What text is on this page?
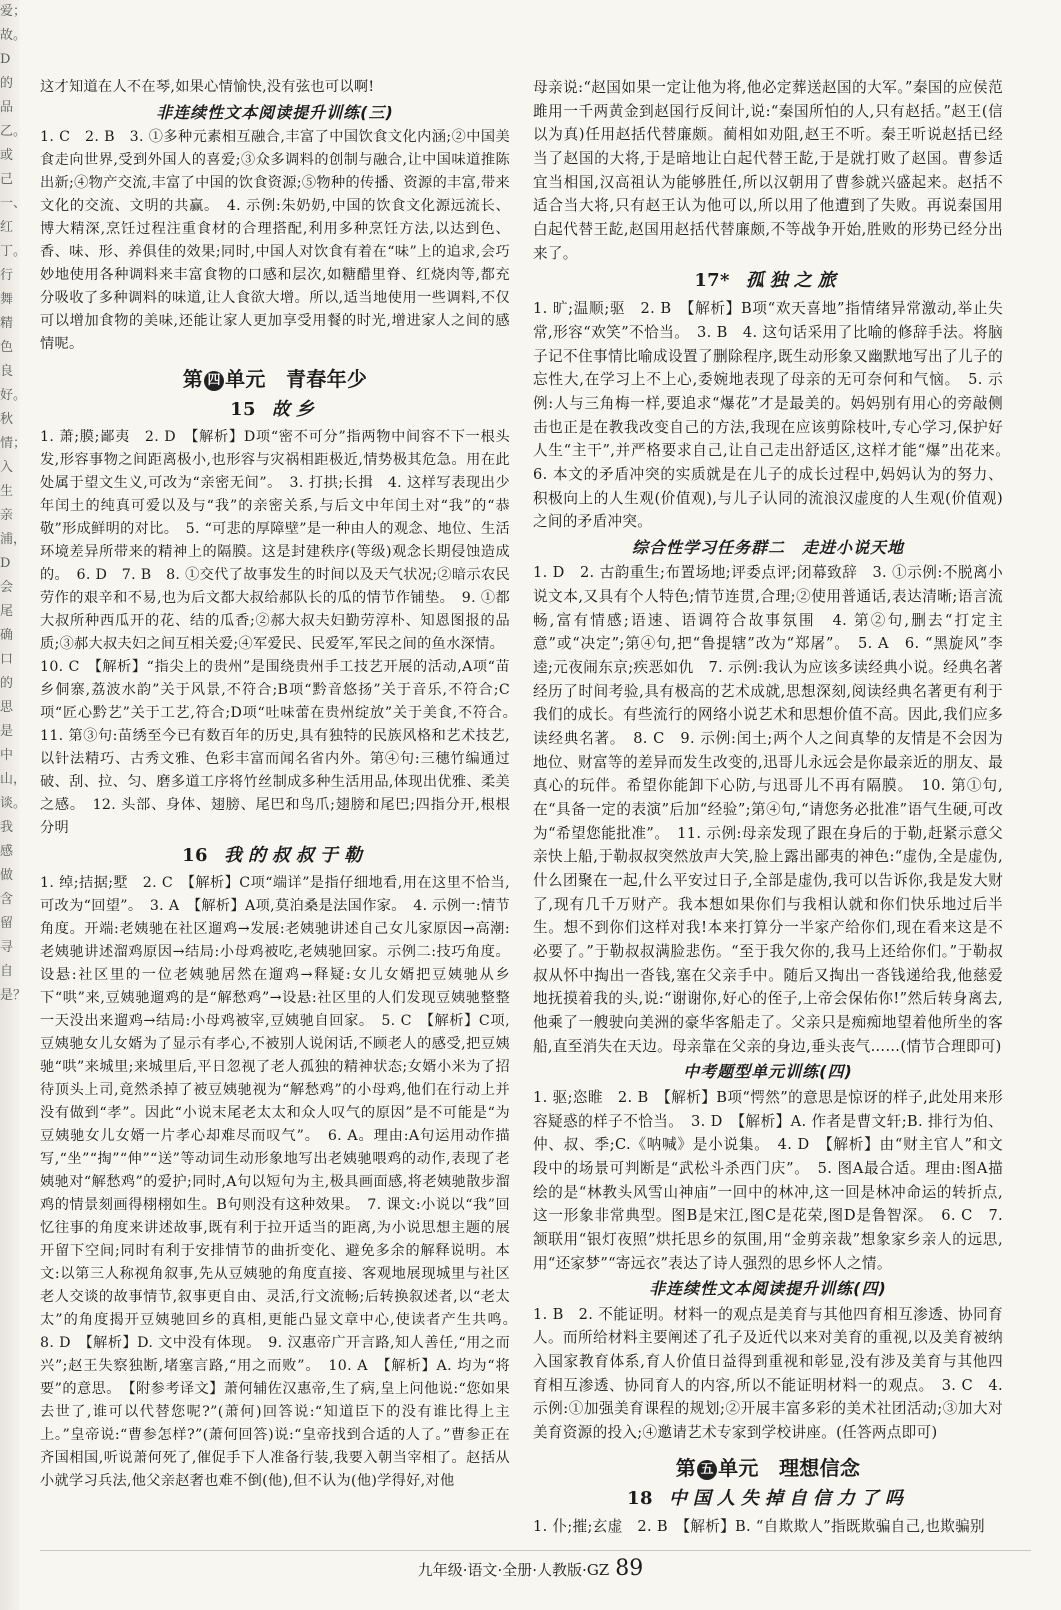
爱；故。D的品乙。或己一、红丁。行舞精色良好。秋情；入生亲浦，D会尾确口的思是中山，谈。我感做含留寻自是？

这才知道在人不在琴,如果心情愉快,没有弦也可以啊!

非连续性文本阅读提升训练(三)

1. C　2. B　3. ①多种元素相互融合,丰富了中国饮食文化内涵;②中国美食走向世界,受到外国人的喜爱;③众多调料的创制与融合,让中国味道推陈出新;④物产交流,丰富了中国的饮食资源;⑤物种的传播、资源的丰富,带来文化的交流、文明的共赢。　4. 示例:朱奶奶,中国的饮食文化源远流长、博大精深,烹饪过程注重食材的合理搭配,利用多种烹饪方法,以达到色、香、味、形、养俱佳的效果;同时,中国人对饮食有着在“味”上的追求,会巧妙地使用各种调料来丰富食物的口感和层次,如糖醋里脊、红烧肉等,都充分吸收了多种调料的味道,让人食欲大增。所以,适当地使用一些调料,不仅可以增加食物的美味,还能让家人更加享受用餐的时光,增进家人之间的感情呢。

第 四 单元　青春年少
15 故乡

1. 萧;膜;鄙夷　2. D　【解析】D项“密不可分”指两物中间容不下一根头发,形容事物之间距离极小,也形容与灾祸相距极近,情势极其危急。用在此处属于望文生义,可改为“亲密无间”。　3. 打拱;长揖　4. 这样写表现出少年闰土的纯真可爱以及与“我”的亲密关系,与后文中年闰土对“我”的“恭敬”形成鲜明的对比。　5. “可悲的厚障壁”是一种由人的观念、地位、生活环境差异所带来的精神上的隔膜。这是封建秩序(等级)观念长期侵蚀造成的。　6. D　7. B　8. ①交代了故事发生的时间以及天气状况;②暗示农民劳作的艰辛和不易,也为后文都大叔给郝队长的瓜的情节作铺垫。　9. ①都大叔所种西瓜开的花、结的瓜香;②郝大叔夫妇勤劳淳朴、知恩图报的品质;③郝大叔夫妇之间互相关爱;④军爱民、民爱军,军民之间的鱼水深情。

10. C　【解析】“指尖上的贵州”是围绕贵州手工技艺开展的活动,A项“苗乡侗寨,荔波水韵”关于风景,不符合;B项“黔音悠扬”关于音乐,不符合;C项“匠心黔艺”关于工艺,符合;D项“吐味蕾在贵州绽放”关于美食,不符合。　11. 第③句:苗绣至今已有数百年的历史,具有独特的民族风格和艺术技艺,以针法精巧、古秀文雅、色彩丰富而闻名省内外。第④句:三穗竹编通过破、刮、拉、匀、磨多道工序将竹丝制成多种生活用品,体现出优雅、柔美之感。　12. 头部、身体、翅膀、尾巴和鸟爪;翅膀和尾巴;四指分开,根根分明

16 我的叔叔于勒

1. 绰;拮据;墅　2. C　【解析】C项“端详”是指仔细地看,用在这里不恰当,可改为“回望”。　3. A　【解析】A项,莫泊桑是法国作家。　4. 示例一:情节角度。开端:老姨驰在社区遛鸡→发展:老姨驰讲述自己女儿家原因→高潮:老姨驰讲述溜鸡原因→结局:小母鸡被吃,老姨驰回家。示例二:技巧角度。设悬:社区里的一位老姨驰居然在遛鸡→释疑:女儿女婿把豆姨驰从乡下“哄”来,豆姨驰遛鸡的是“解愁鸡”→设悬:社区里的人们发现豆姨驰整整一天没出来遛鸡→结局:小母鸡被宰,豆姨驰自回家。　5. C　【解析】C项,豆姨驰女儿女婿为了显示有孝心,不被别人说闲话,不顾老人的感受,把豆姨驰“哄”来城里;来城里后,平日忽视了老人孤独的精神状态;女婿小米为了招待顶头上司,竟然杀掉了被豆姨驰视为“解愁鸡”的小母鸡,他们在行动上并没有做到“孝”。因此“小说末尾老太太和众人叹气的原因”是不可能是“为豆姨驰女儿女婿一片孝心却难尽而叹气”。　6. A。理由:A句运用动作描写,“坐”“掏”“伸”“送”等动词生动形象地写出老姨驰喂鸡的动作,表现了老姨驰对“解愁鸡”的爱护;同时,A句以短句为主,极具画面感,将老姨驰散步溜鸡的情景刻画得栩栩如生。B句则没有这种效果。　7. 课文:小说以“我”回忆往事的角度来讲述故事,既有利于拉开适当的距离,为小说思想主题的展开留下空间;同时有利于安排情节的曲折变化、避免多余的解释说明。本文:以第三人称视角叙事,先从豆姨驰的角度直接、客观地展现城里与社区老人交谈的故事情节,叙事更自由、灵活,行文流畅;后转换叙述者,以“老太太”的角度揭开豆姨驰回乡的真相,更能凸显文章中心,使读者产生共鸣。　8. D　【解析】D. 文中没有体现。　9. 汉惠帝广开言路,知人善任,“用之而兴”;赵王失察独断,堵塞言路,“用之而败”。　10. A　【解析】A. 均为“将要”的意思。　【附参考译文】萧何辅佐汉惠帝,生了病,皇上问他说:“您如果去世了,谁可以代替您呢?”(萧何)回答说:“知道臣下的没有谁比得上主上。”皇帝说:“曹参怎样?”(萧何回答)说:“皇帝找到合适的人了。”曹参正在齐国相国,听说萧何死了,催促手下人准备行装,我要入朝当宰相了。赵括从小就学习兵法,他父亲赵奢也难不倒(他),但不认为(他)学得好,对他

母亲说:“赵国如果一定让他为将,他必定葬送赵国的大军。”秦国的应侯范雎用一千两黄金到赵国行反间计,说:“秦国所怕的人,只有赵括。”赵王(信以为真)任用赵括代替廉颇。蔺相如劝阻,赵王不听。秦王听说赵括已经当了赵国的大将,于是暗地让白起代替王龁,于是就打败了赵国。曹参适宜当相国,汉高祖认为能够胜任,所以汉朝用了曹参就兴盛起来。赵括不适合当大将,只有赵王认为他可以,所以用了他遭到了失败。再说秦国用白起代替王龁,赵国用赵括代替廉颇,不等战争开始,胜败的形势已经分出来了。

17* 孤独之旅

1. 旷;温顺;驱　2. B　【解析】B项“欢天喜地”指情绪异常激动,举止失常,形容“欢笑”不恰当。　3. B　4. 这句话采用了比喻的修辞手法。将脑子记不住事情比喻成设置了删除程序,既生动形象又幽默地写出了儿子的忘性大,在学习上不上心,委婉地表现了母亲的无可奈何和气恼。　5. 示例:人与三角梅一样,要追求“爆花”才是最美的。妈妈别有用心的旁敲侧击也正是在教我改变自己的方法,我现在应该剪除枝叶,专心学习,保护好人生“主干”,并严格要求自己,让自己走出舒适区,这样才能“爆”出花来。　6. 本文的矛盾冲突的实质就是在儿子的成长过程中,妈妈认为的努力、积极向上的人生观(价值观),与儿子认同的流浪汉虚度的人生观(价值观)之间的矛盾冲突。

综合性学习任务群二　走进小说天地

1. D　2. 古韵重生;布置场地;评委点评;闭幕致辞　3. ①示例:不脱离小说文本,又具有个人特色;情节连贯,合理;②使用普通话,表达清晰;语言流畅,富有情感;语速、语调符合故事氛围　4. 第②句,删去“打定主意”或“决定”;第④句,把“鲁提辖”改为“郑屠”。　5. A　6. “黑旋风”李逵;元夜闹东京;疾恶如仇　7. 示例:我认为应该多读经典小说。经典名著经历了时间考验,具有极高的艺术成就,思想深刻,阅读经典名著更有利于我们的成长。有些流行的网络小说艺术和思想价值不高。因此,我们应多读经典名著。　8. C　9. 示例:闰土;两个人之间真挚的友情是不会因为地位、财富等的差异而发生改变的,迅哥儿永远会是你最亲近的朋友、最真心的玩伴。希望你能卸下心防,与迅哥儿不再有隔膜。　10. 第①句,在“具备一定的表演”后加“经验”;第④句,“请您务必批准”语气生硬,可改为“希望您能批准”。　11. 示例:母亲发现了跟在身后的于勒,赶紧示意父亲快上船,于勒叔叔突然放声大笑,脸上露出鄙夷的神色:“虚伪,全是虚伪,什么团聚在一起,什么平安过日子,全部是虚伪,我可以告诉你,我是发大财了,现有几千万财产。我本想如果你们与我相认就和你们快乐地过后半生。想不到你们这样对我!本来打算分一半家产给你们,现在看来这是不必要了。”于勒叔叔满脸悲伤。“至于我欠你的,我马上还给你们。”于勒叔叔从怀中掏出一沓钱,塞在父亲手中。随后又掏出一沓钱递给我,他慈爱地抚摸着我的头,说:“谢谢你,好心的侄子,上帝会保佑你!”然后转身离去,他乘了一艘驶向美洲的豪华客船走了。父亲只是痴痴地望着他所坐的客船,直至消失在天边。母亲靠在父亲的身边,垂头丧气……(情节合理即可)

中考题型单元训练(四)

1. 驱;恣睢　2. B　【解析】B项“愕然”的意思是惊讶的样子,此处用来形容疑惑的样子不恰当。　3. D　【解析】A. 作者是曹文轩;B. 排行为伯、仲、叔、季;C.《呐喊》是小说集。　4. D　【解析】由“财主官人”和文段中的场景可判断是“武松斗杀西门庆”。　5. 图A最合适。理由:图A描绘的是“林教头风雪山神庙”一回中的林冲,这一回是林冲命运的转折点,这一形象非常典型。图B是宋江,图C是花荣,图D是鲁智深。　6. C　7. 颔联用“银灯夜照”烘托思乡的氛围,用“金剪亲裁”想象家乡亲人的远思,用“还家梦”“寄远衣”表达了诗人强烈的思乡怀人之情。

非连续性文本阅读提升训练(四)

1. B　2. 不能证明。材料一的观点是美育与其他四育相互渗透、协同育人。而所给材料主要阐述了孔子及近代以来对美育的重视,以及美育被纳入国家教育体系,育人价值日益得到重视和彰显,没有涉及美育与其他四育相互渗透、协同育人的内容,所以不能证明材料一的观点。　3. C　4. 示例:①加强美育课程的规划;②开展丰富多彩的美术社团活动;③加大对美育资源的投入;④邀请艺术专家到学校讲座。(任答两点即可)

第 五 单元　理想信念
18 中国人失掉自信力了吗

1. 仆;摧;玄虚　2. B　【解析】B. “自欺欺人”指既欺骗自己,也欺骗别

九年级·语文·全册·人教版·GZ 89
